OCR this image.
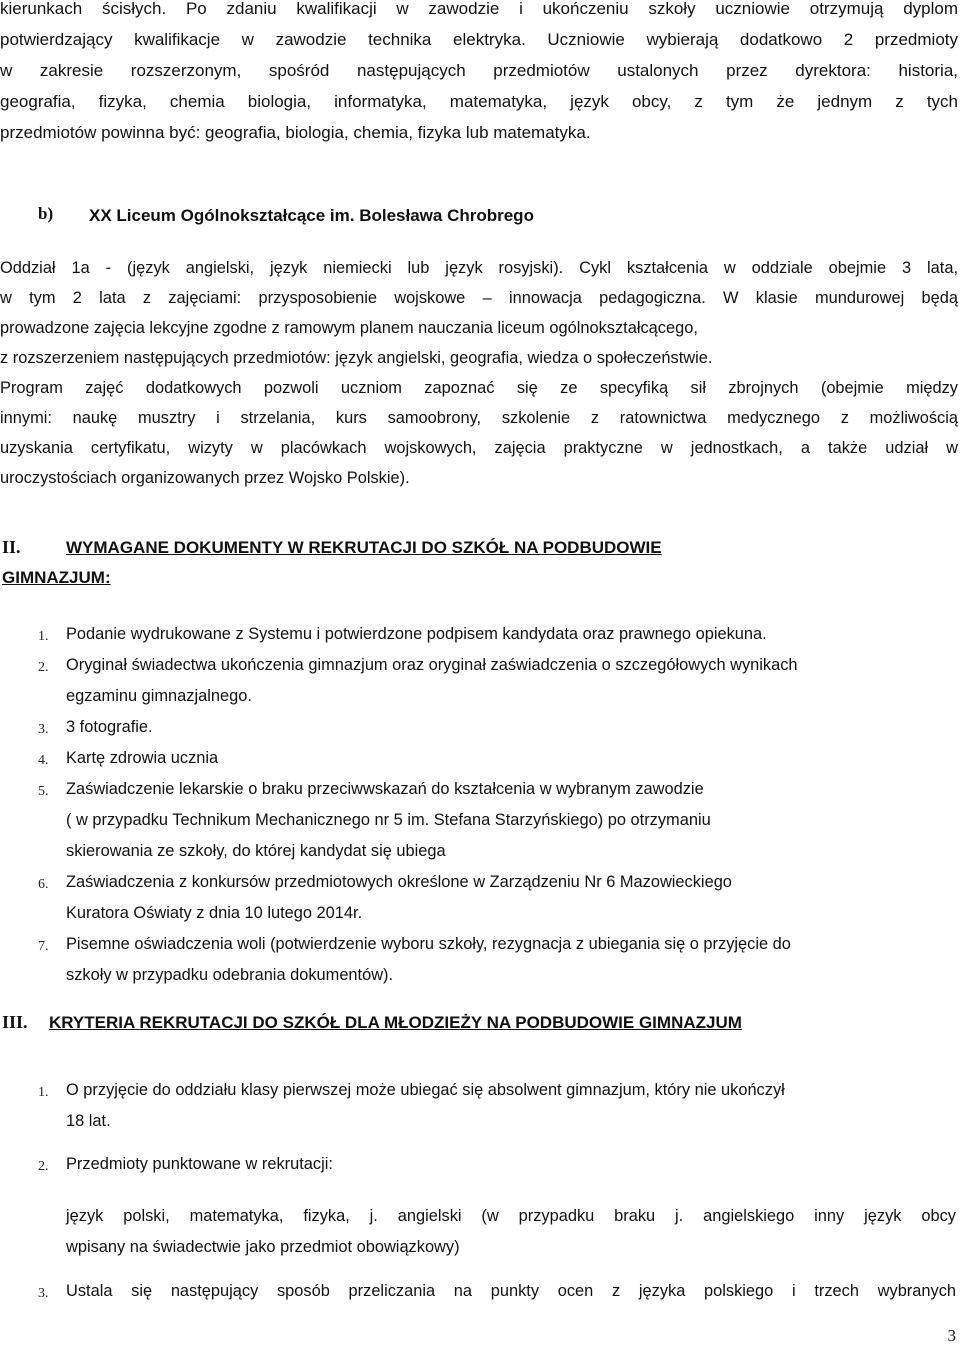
kierunkach ścisłych. Po zdaniu kwalifikacji w zawodzie i ukończeniu szkoły uczniowie otrzymują dyplom
potwierdzający kwalifikacje w zawodzie technika elektryka. Uczniowie wybierają dodatkowo 2 przedmioty
w zakresie rozszerzonym, spośród następujących przedmiotów ustalonych przez dyrektora: historia,
geografia, fizyka, chemia biologia, informatyka, matematyka, język obcy, z tym że jednym z tych
przedmiotów powinna być: geografia, biologia, chemia, fizyka lub matematyka.
b) XX Liceum Ogólnokształcące im. Bolesława Chrobrego
Oddział 1a - (język angielski, język niemiecki lub język rosyjski). Cykl kształcenia w oddziale obejmie 3 lata,
w tym 2 lata z zajęciami: przysposobienie wojskowe – innowacja pedagogiczna. W klasie mundurowej będą
prowadzone zajęcia lekcyjne zgodne z ramowym planem nauczania liceum ogólnokształcącego,
z rozszerzeniem następujących przedmiotów: język angielski, geografia, wiedza o społeczeństwie.
Program zajęć dodatkowych pozwoli uczniom zapoznać się ze specyfiką sił zbrojnych (obejmie między
innymi: naukę musztry i strzelania, kurs samoobrony, szkolenie z ratownictwa medycznego z możliwością
uzyskania certyfikatu, wizyty w placówkach wojskowych, zajęcia praktyczne w jednostkach, a także udział w
uroczystościach organizowanych przez Wojsko Polskie).
II.	WYMAGANE DOKUMENTY W REKRUTACJI DO SZKÓŁ NA PODBUDOWIE
GIMNAZJUM:
1. Podanie wydrukowane z Systemu i potwierdzone podpisem kandydata oraz prawnego opiekuna.
2. Oryginał świadectwa ukończenia gimnazjum oraz oryginał zaświadczenia o szczegółowych wynikach
egzaminu gimnazjalnego.
3. 3 fotografie.
4. Kartę zdrowia ucznia
5. Zaświadczenie lekarskie o braku przeciwwskazań do kształcenia w wybranym zawodzie
( w przypadku Technikum Mechanicznego nr 5 im. Stefana Starzyńskiego) po otrzymaniu
skierowania ze szkoły, do której kandydat się ubiega
6. Zaświadczenia z konkursów przedmiotowych określone w Zarządzeniu Nr 6 Mazowieckiego
Kuratora Oświaty z dnia 10 lutego 2014r.
7. Pisemne oświadczenia woli (potwierdzenie wyboru szkoły, rezygnacja z ubiegania się o przyjęcie do
szkoły w przypadku odebrania dokumentów).
III. KRYTERIA REKRUTACJI DO SZKÓŁ DLA MŁODZIEŻY NA PODBUDOWIE GIMNAZJUM
1. O przyjęcie do oddziału klasy pierwszej może ubiegać się absolwent gimnazjum, który nie ukończył
18 lat.
2. Przedmioty punktowane w rekrutacji:
język polski, matematyka, fizyka, j. angielski (w przypadku braku j. angielskiego inny język obcy
wpisany na świadectwie jako przedmiot obowiązkowy)
3. Ustala się następujący sposób przeliczania na punkty ocen z języka polskiego i trzech wybranych
3
